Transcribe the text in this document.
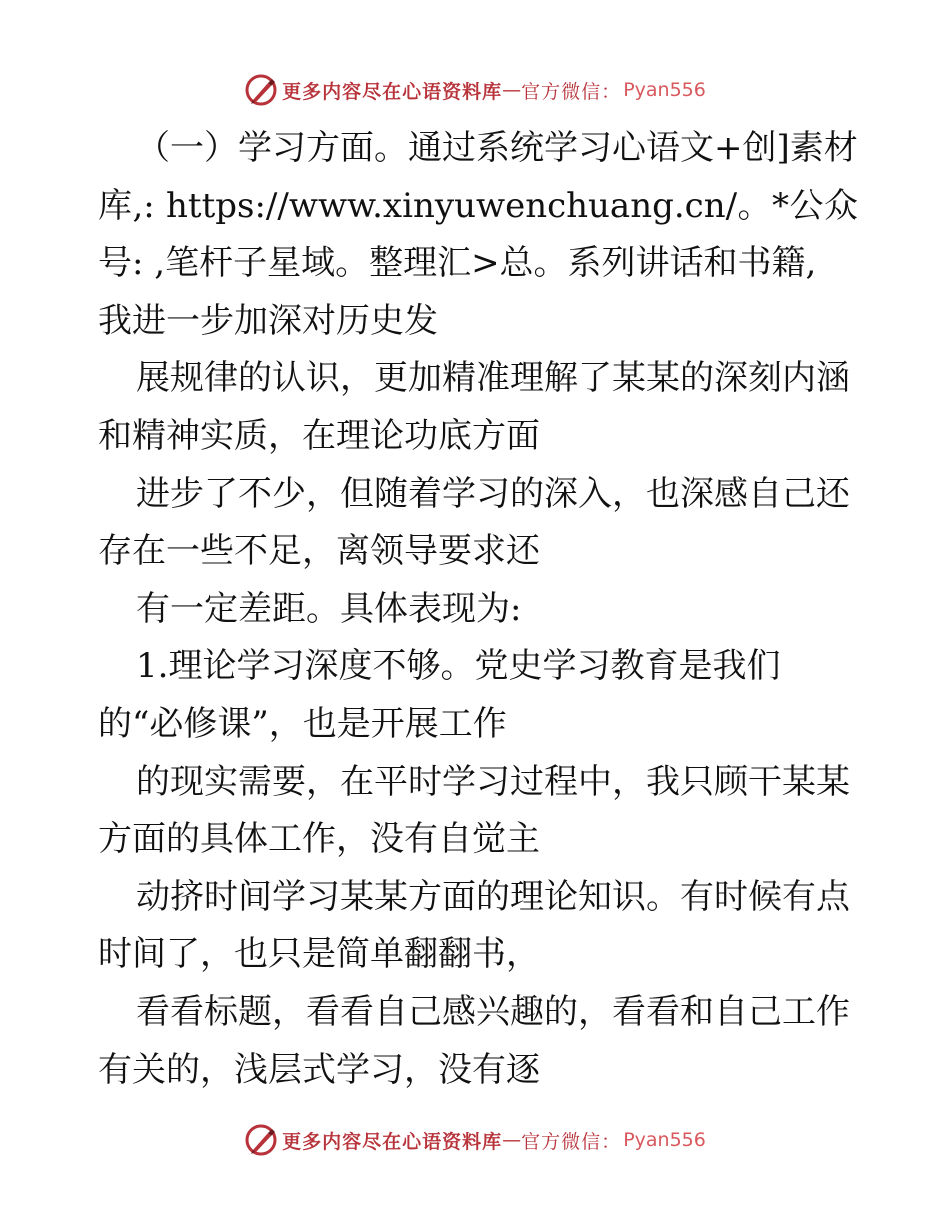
更多内容尽在心语资料库 — 官方微信： Pyan556
（一）学习方面。通过系统学习心语文+创]素材
库,: https://www.xinyuwenchuang.cn/。*公众
号: ,笔杆子星域。整理汇>总。系列讲话和书籍,
我进一步加深对历史发
展规律的认识，更加精准理解了某某的深刻内涵
和精神实质，在理论功底方面
进步了不少，但随着学习的深入，也深感自己还
存在一些不足，离领导要求还
有一定差距。具体表现为:
1.理论学习深度不够。党史学习教育是我们
的“必修课”，也是开展工作
的现实需要，在平时学习过程中，我只顾干某某
方面的具体工作，没有自觉主
动挤时间学习某某方面的理论知识。有时候有点
时间了，也只是简单翻翻书，
看看标题，看看自己感兴趣的，看看和自己工作
有关的，浅层式学习，没有逐
更多内容尽在心语资料库 — 官方微信： Pyan556
